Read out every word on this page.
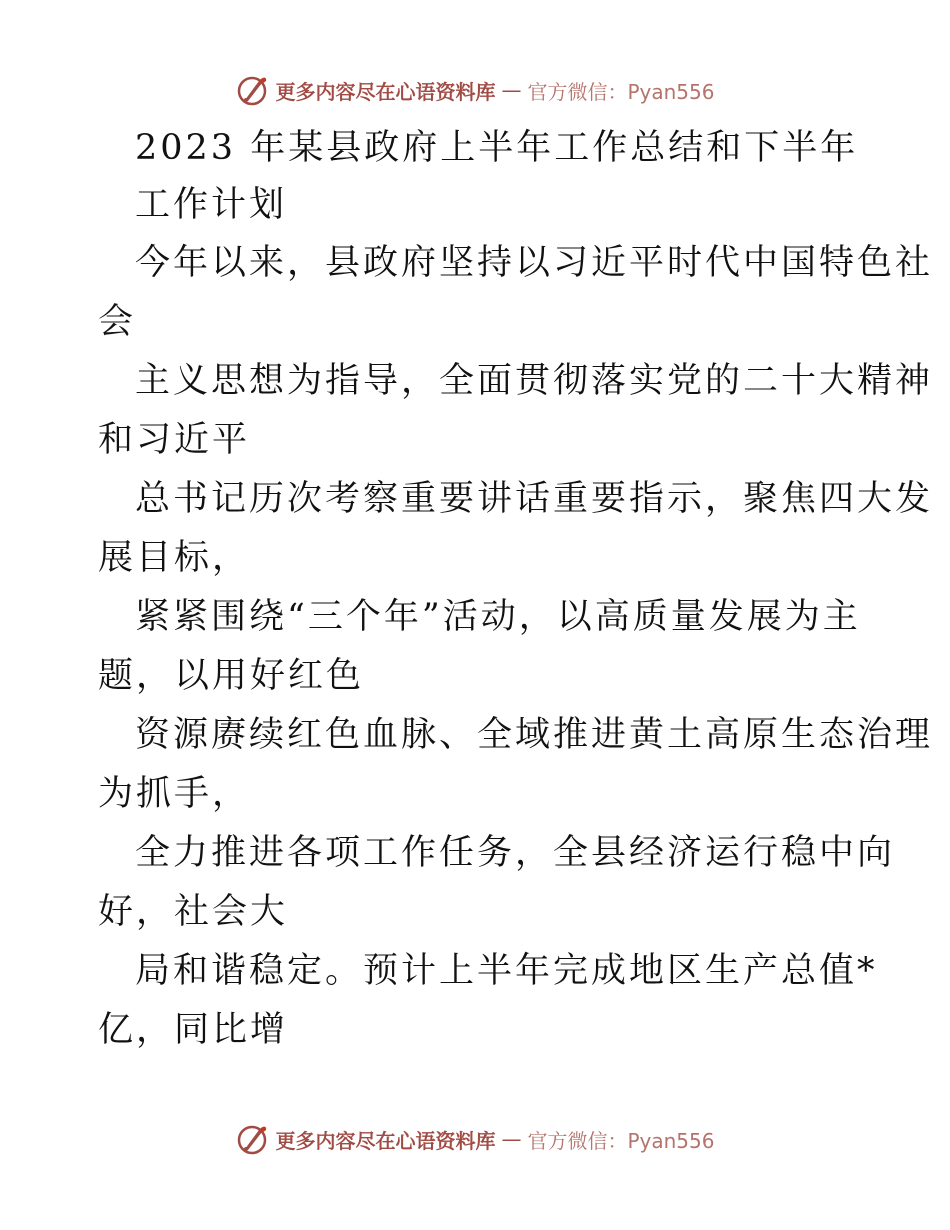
更多内容尽在心语资料库 — 官方微信：Pyan556
2023 年某县政府上半年工作总结和下半年
工作计划
今年以来，县政府坚持以习近平时代中国特色社
会
主义思想为指导，全面贯彻落实党的二十大精神
和习近平
总书记历次考察重要讲话重要指示，聚焦四大发
展目标，
紧紧围绕“三个年”活动，以高质量发展为主
题，以用好红色
资源赓续红色血脉、全域推进黄土高原生态治理
为抓手，
全力推进各项工作任务，全县经济运行稳中向
好，社会大
局和谐稳定。预计上半年完成地区生产总值*
亿，同比增
更多内容尽在心语资料库 — 官方微信：Pyan556
